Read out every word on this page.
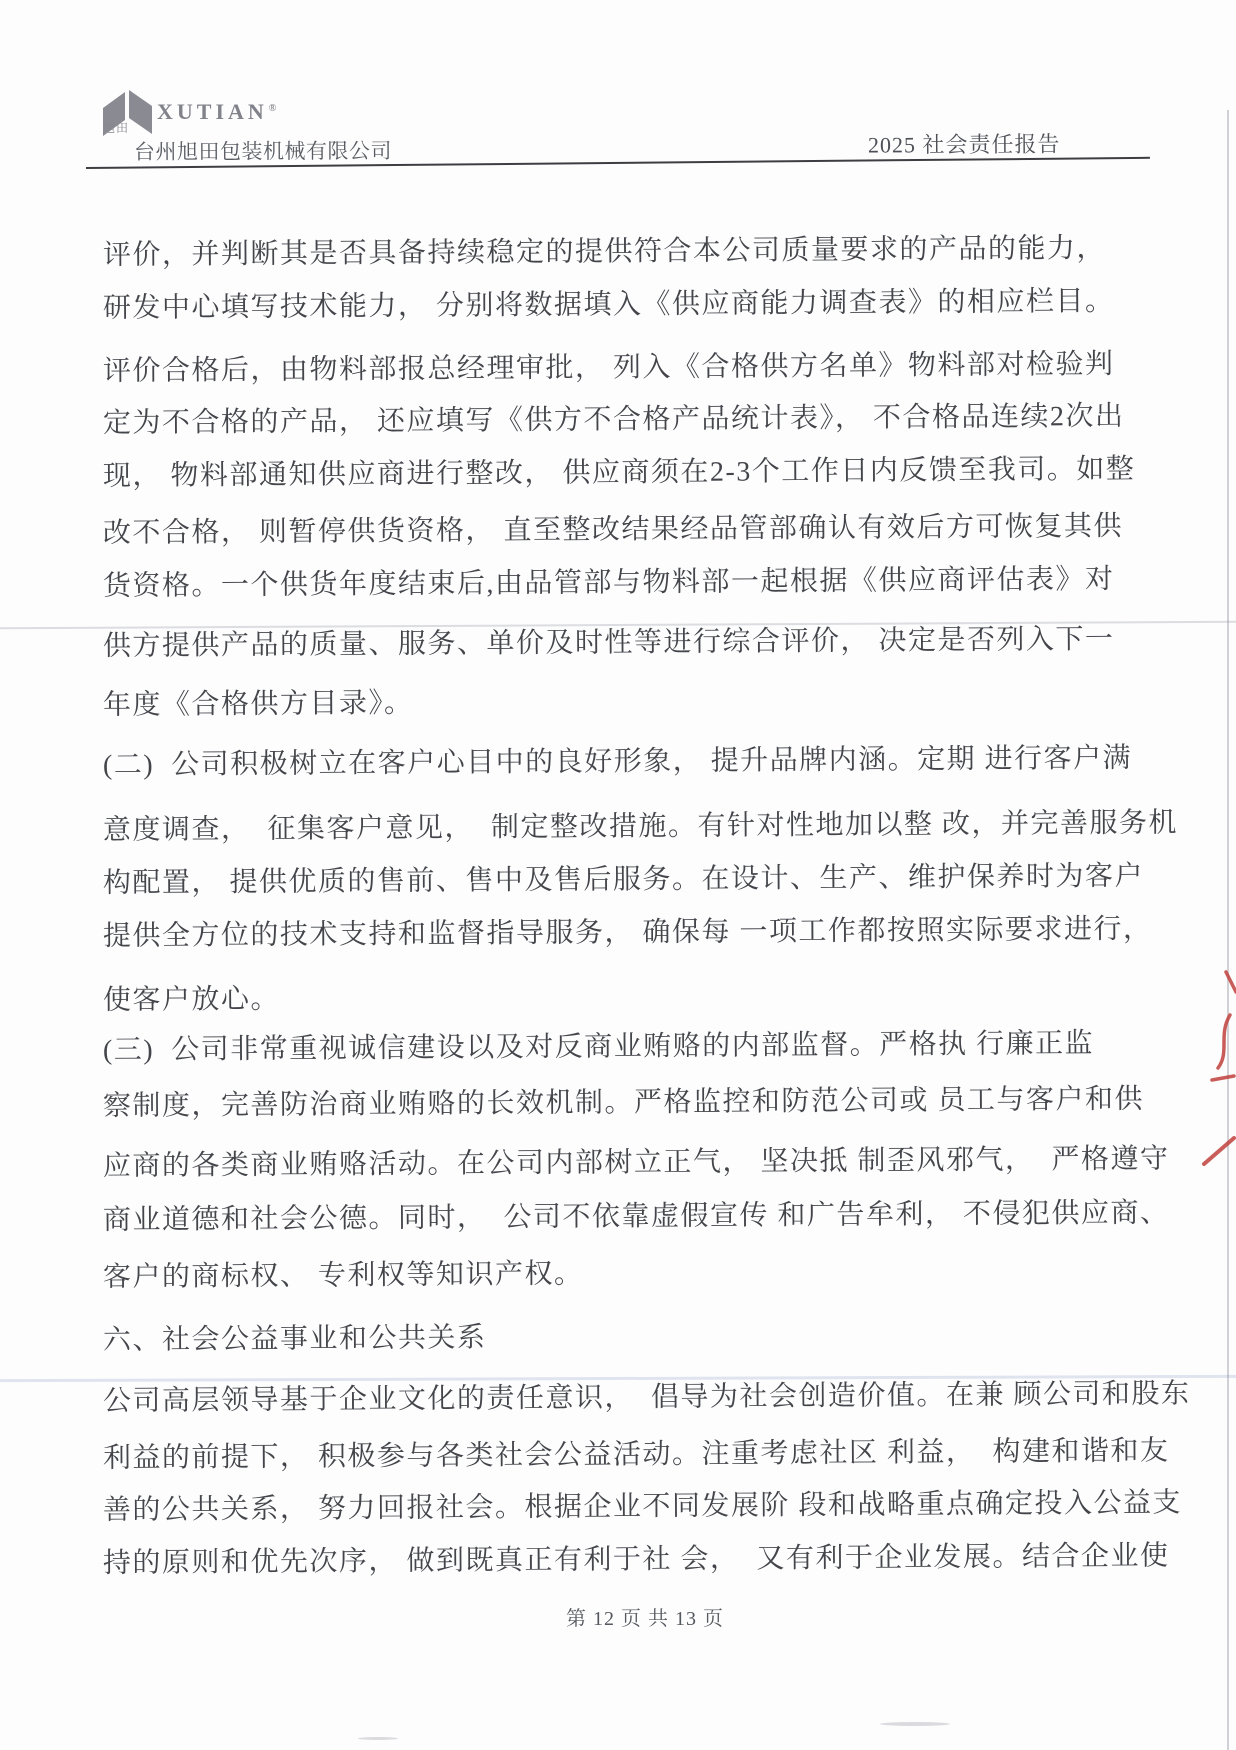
旭田
XUTIAN®
台州旭田包装机械有限公司	2025 社会责任报告
评价，并判断其是否具备持续稳定的提供符合本公司质量要求的产品的能力，
研发中心填写技术能力， 分别将数据填入《供应商能力调查表》的相应栏目。
评价合格后，由物料部报总经理审批， 列入《合格供方名单》物料部对检验判
定为不合格的产品， 还应填写《供方不合格产品统计表》， 不合格品连续2次出
现， 物料部通知供应商进行整改， 供应商须在2-3个工作日内反馈至我司。如整
改不合格， 则暂停供货资格， 直至整改结果经品管部确认有效后方可恢复其供
货资格。一个供货年度结束后,由品管部与物料部一起根据《供应商评估表》对
供方提供产品的质量、服务、单价及时性等进行综合评价， 决定是否列入下一
年度《合格供方目录》。
(二)  公司积极树立在客户心目中的良好形象， 提升品牌内涵。定期 进行客户满
意度调查，  征集客户意见，  制定整改措施。有针对性地加以整 改，并完善服务机
构配置， 提供优质的售前、售中及售后服务。在设计、生产、维护保养时为客户
提供全方位的技术支持和监督指导服务， 确保每 一项工作都按照实际要求进行，
使客户放心。
(三)  公司非常重视诚信建设以及对反商业贿赂的内部监督。严格执 行廉正监
察制度，完善防治商业贿赂的长效机制。严格监控和防范公司或 员工与客户和供
应商的各类商业贿赂活动。在公司内部树立正气， 坚决抵 制歪风邪气，  严格遵守
商业道德和社会公德。同时，  公司不依靠虚假宣传 和广告牟利， 不侵犯供应商、
客户的商标权、 专利权等知识产权。
六、社会公益事业和公共关系
公司高层领导基于企业文化的责任意识，  倡导为社会创造价值。在兼 顾公司和股东
利益的前提下， 积极参与各类社会公益活动。注重考虑社区 利益，  构建和谐和友
善的公共关系， 努力回报社会。根据企业不同发展阶 段和战略重点确定投入公益支
持的原则和优先次序， 做到既真正有利于社 会，  又有利于企业发展。结合企业使
第 12 页 共 13 页
